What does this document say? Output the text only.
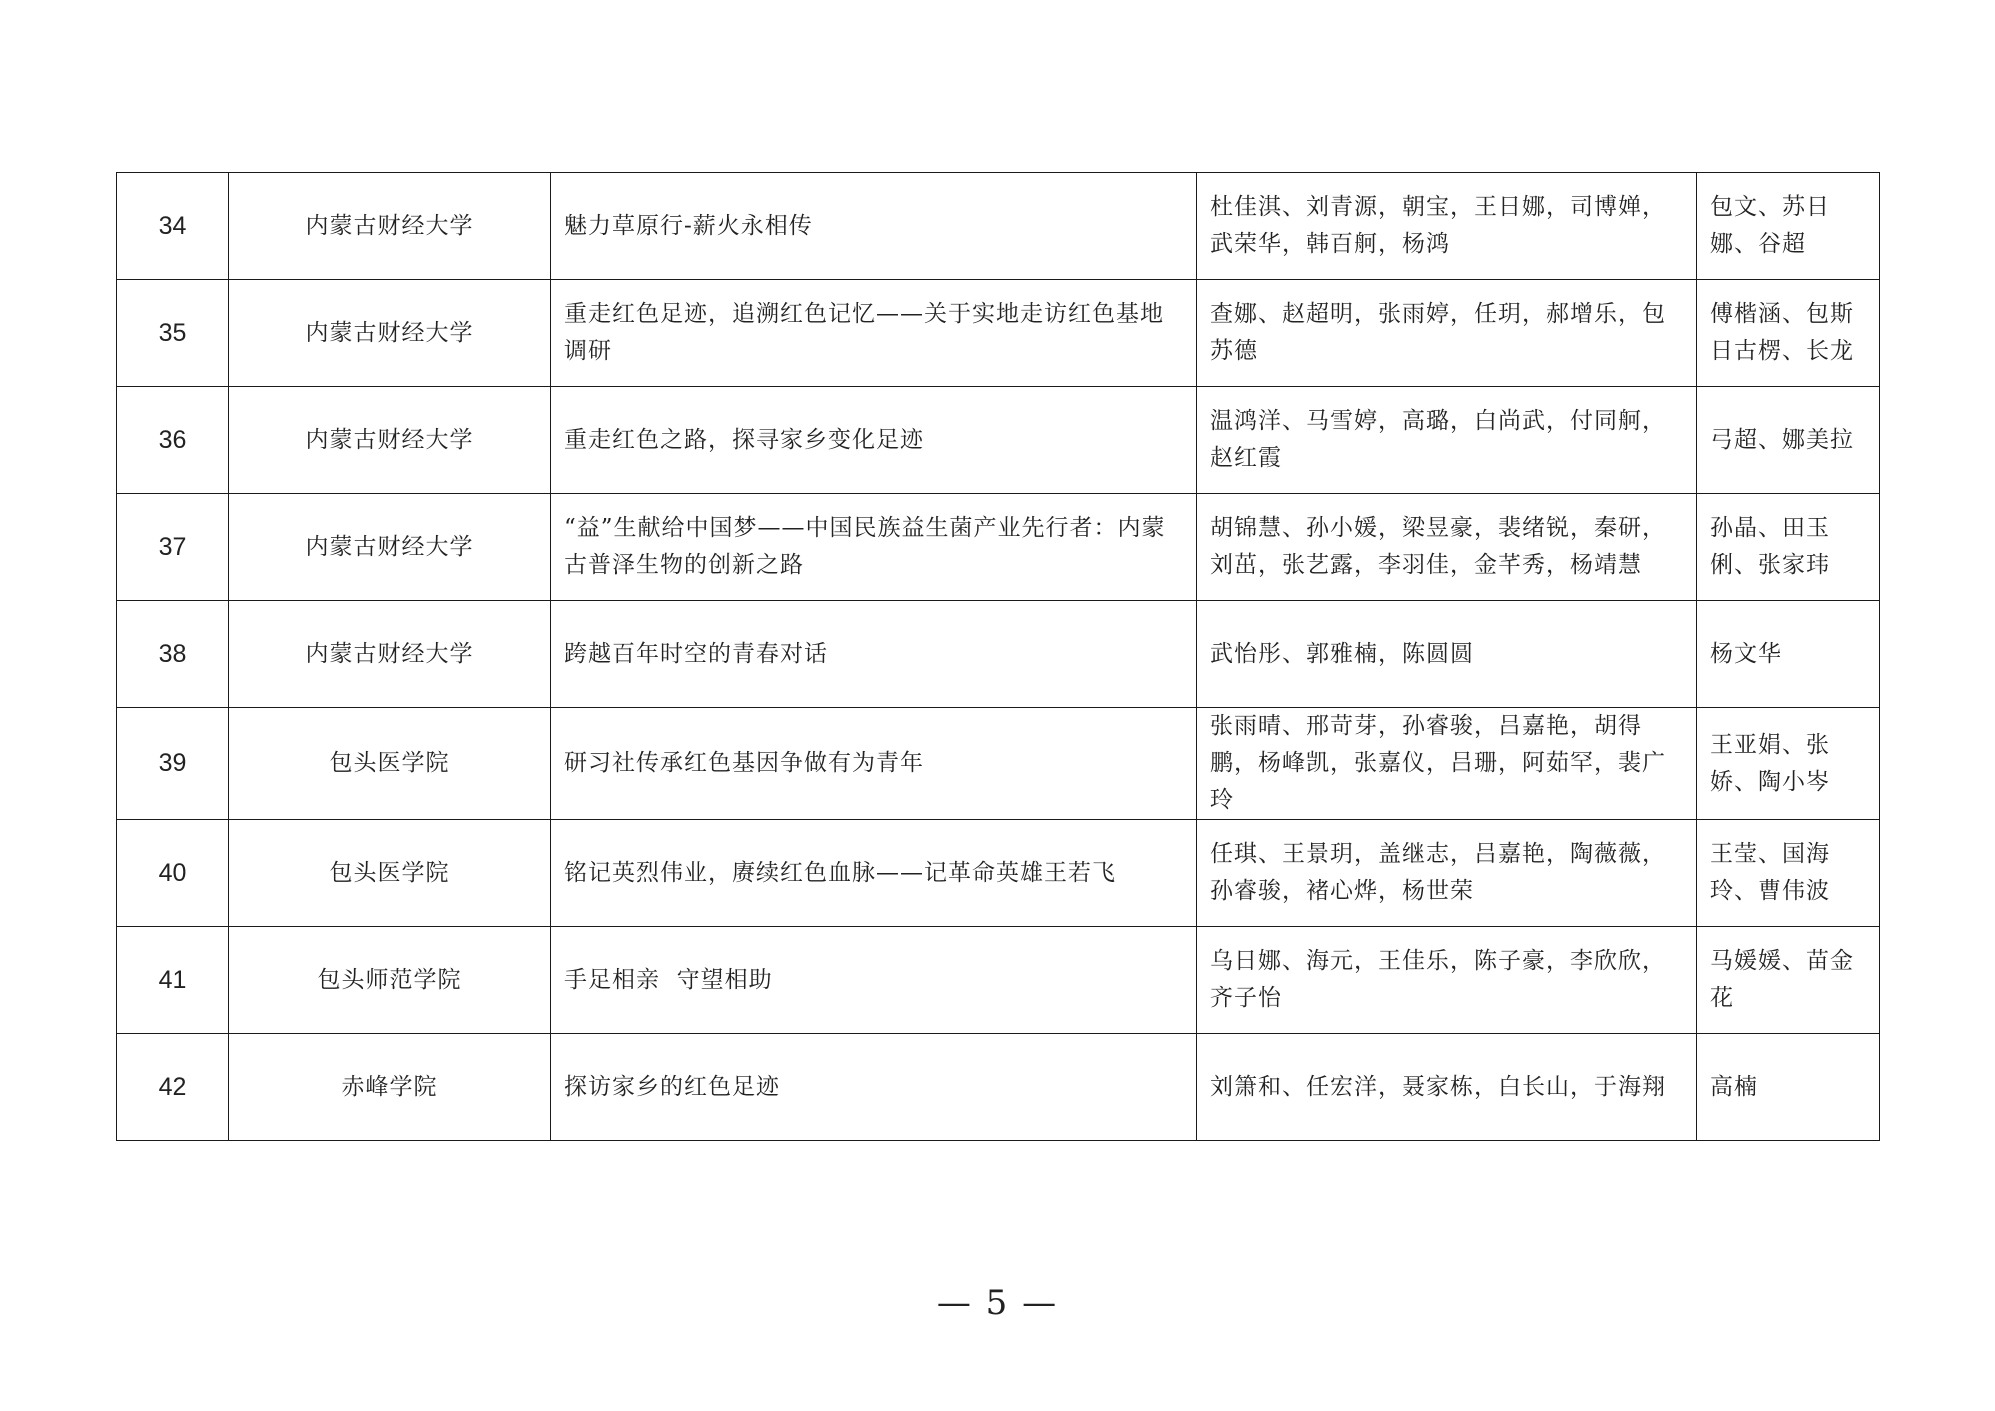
34	内蒙古财经大学	魅力草原行-薪火永相传	杜佳淇、刘青源，朝宝，王日娜，司博婵，武荣华，韩百舸，杨鸿	包文、苏日娜、谷超
35	内蒙古财经大学	重走红色足迹，追溯红色记忆——关于实地走访红色基地调研	查娜、赵超明，张雨婷，任玥，郝增乐，包苏德	傅楷涵、包斯日古楞、长龙
36	内蒙古财经大学	重走红色之路，探寻家乡变化足迹	温鸿洋、马雪婷，高璐，白尚武，付同舸，赵红霞	弓超、娜美拉
37	内蒙古财经大学	“益”生献给中国梦——中国民族益生菌产业先行者：内蒙古普泽生物的创新之路	胡锦慧、孙小媛，梁昱豪，裴绪锐，秦研，刘茁，张艺露，李羽佳，金芊秀，杨靖慧	孙晶、田玉俐、张家玮
38	内蒙古财经大学	跨越百年时空的青春对话	武怡彤、郭雅楠，陈圆圆	杨文华
39	包头医学院	研习社传承红色基因争做有为青年	张雨晴、邢苛芽，孙睿骏，吕嘉艳，胡得鹏，杨峰凯，张嘉仪，吕珊，阿茹罕，裴广玲	王亚娟、张娇、陶小岑
40	包头医学院	铭记英烈伟业，赓续红色血脉——记革命英雄王若飞	任琪、王景玥，盖继志，吕嘉艳，陶薇薇，孙睿骏，褚心烨，杨世荣	王莹、国海玲、曹伟波
41	包头师范学院	手足相亲  守望相助	乌日娜、海元，王佳乐，陈子豪，李欣欣，齐子怡	马媛媛、苗金花
42	赤峰学院	探访家乡的红色足迹	刘箫和、任宏洋，聂家栋，白长山，于海翔	高楠
— 5 —
